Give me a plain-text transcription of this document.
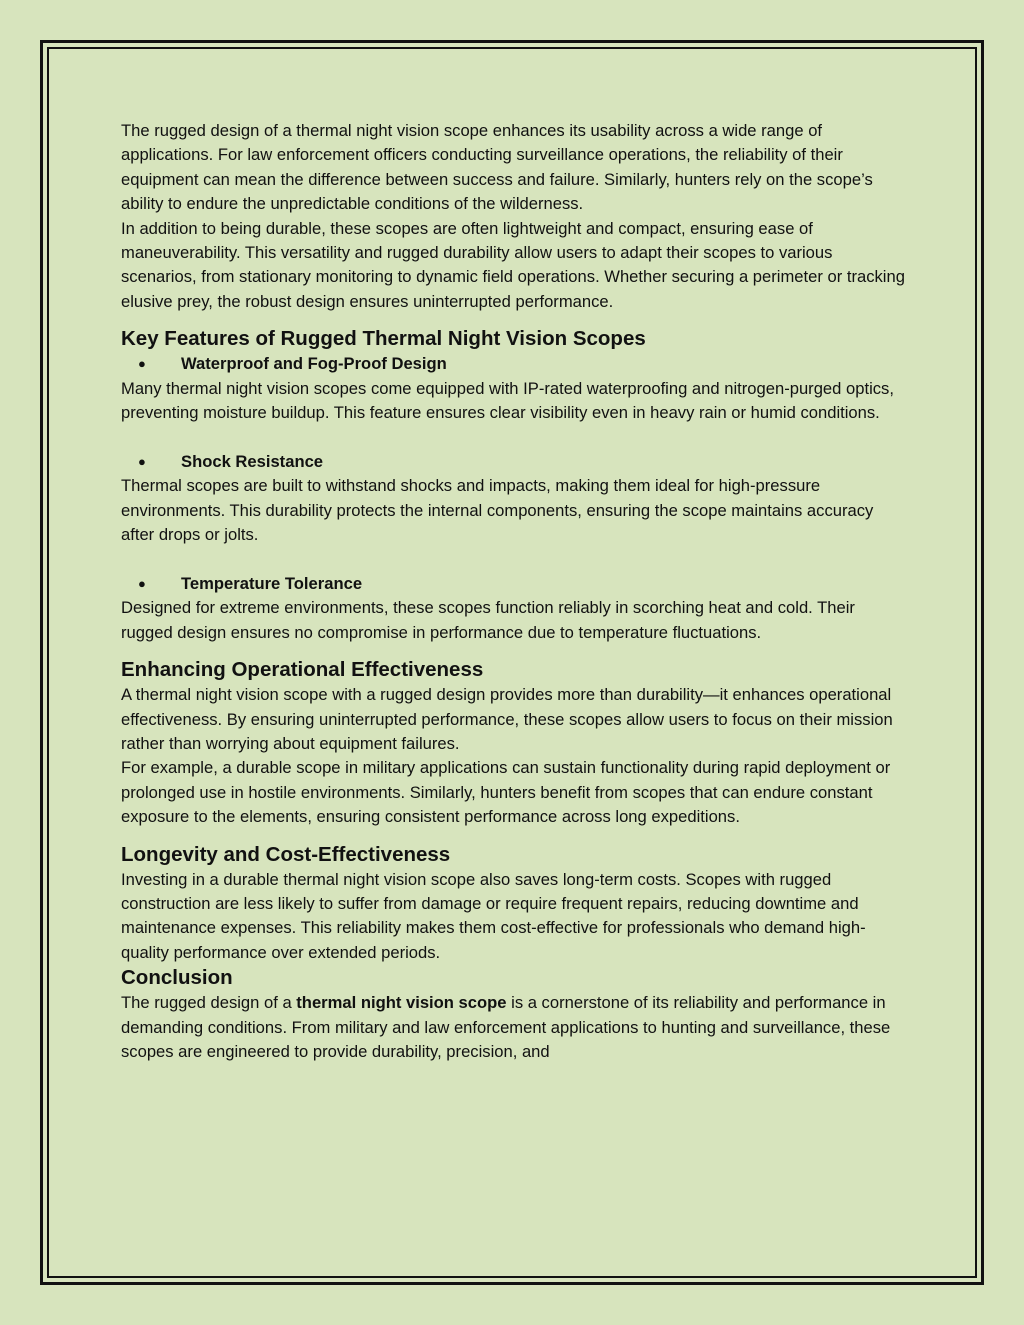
The rugged design of a thermal night vision scope enhances its usability across a wide range of applications. For law enforcement officers conducting surveillance operations, the reliability of their equipment can mean the difference between success and failure. Similarly, hunters rely on the scope’s ability to endure the unpredictable conditions of the wilderness.

In addition to being durable, these scopes are often lightweight and compact, ensuring ease of maneuverability. This versatility and rugged durability allow users to adapt their scopes to various scenarios, from stationary monitoring to dynamic field operations. Whether securing a perimeter or tracking elusive prey, the robust design ensures uninterrupted performance.

Key Features of Rugged Thermal Night Vision Scopes

● Waterproof and Fog-Proof Design

Many thermal night vision scopes come equipped with IP-rated waterproofing and nitrogen-purged optics, preventing moisture buildup. This feature ensures clear visibility even in heavy rain or humid conditions.

● Shock Resistance

Thermal scopes are built to withstand shocks and impacts, making them ideal for high-pressure environments. This durability protects the internal components, ensuring the scope maintains accuracy after drops or jolts.

● Temperature Tolerance

Designed for extreme environments, these scopes function reliably in scorching heat and cold. Their rugged design ensures no compromise in performance due to temperature fluctuations.

Enhancing Operational Effectiveness

A thermal night vision scope with a rugged design provides more than durability—it enhances operational effectiveness. By ensuring uninterrupted performance, these scopes allow users to focus on their mission rather than worrying about equipment failures.

For example, a durable scope in military applications can sustain functionality during rapid deployment or prolonged use in hostile environments. Similarly, hunters benefit from scopes that can endure constant exposure to the elements, ensuring consistent performance across long expeditions.

Longevity and Cost-Effectiveness

Investing in a durable thermal night vision scope also saves long-term costs. Scopes with rugged construction are less likely to suffer from damage or require frequent repairs, reducing downtime and maintenance expenses. This reliability makes them cost-effective for professionals who demand high-quality performance over extended periods.

Conclusion

The rugged design of a thermal night vision scope is a cornerstone of its reliability and performance in demanding conditions. From military and law enforcement applications to hunting and surveillance, these scopes are engineered to provide durability, precision, and
